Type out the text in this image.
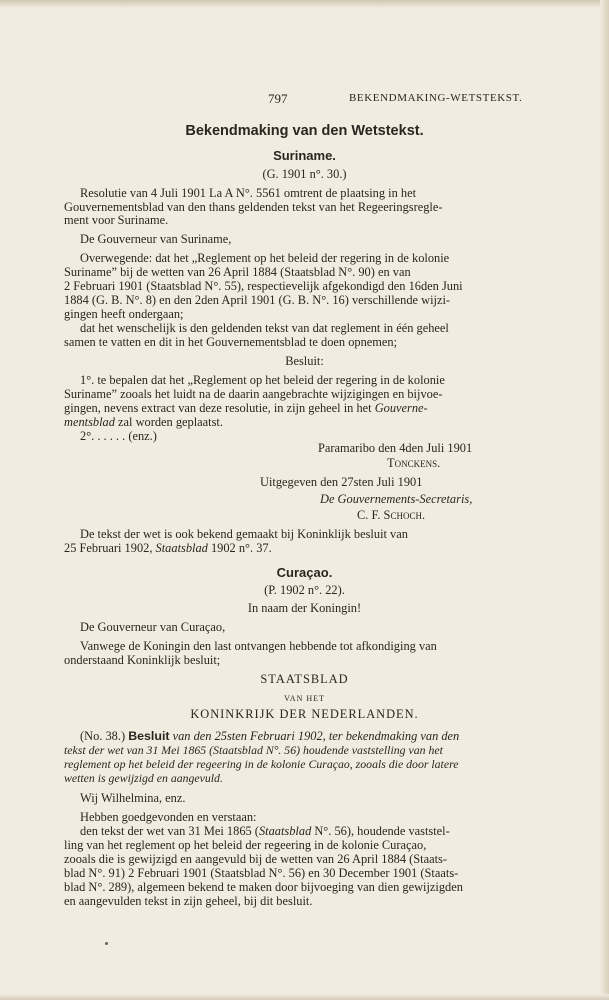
797	BEKENDMAKING-WETSTEKST.
Bekendmaking van den Wetstekst.
Suriname.
(G. 1901 n°. 30.)
Resolutie van 4 Juli 1901 La A N°. 5561 omtrent de plaatsing in het
Gouvernementsblad van den thans geldenden tekst van het Regeeringsregle-
ment voor Suriname.
De Gouverneur van Suriname,
Overwegende: dat het „Reglement op het beleid der regering in de kolonie
Suriname” bij de wetten van 26 April 1884 (Staatsblad N°. 90) en van
2 Februari 1901 (Staatsblad N°. 55), respectievelijk afgekondigd den 16den Juni
1884 (G. B. N°. 8) en den 2den April 1901 (G. B. N°. 16) verschillende wijzi-
gingen heeft ondergaan;
dat het wenschelijk is den geldenden tekst van dat reglement in één geheel
samen te vatten en dit in het Gouvernementsblad te doen opnemen;
Besluit:
1°. te bepalen dat het „Reglement op het beleid der regering in de kolonie
Suriname” zooals het luidt na de daarin aangebrachte wijzigingen en bijvoe-
gingen, nevens extract van deze resolutie, in zijn geheel in het Gouverne-
mentsblad zal worden geplaatst.
2°. . . . . . (enz.)
Paramaribo den 4den Juli 1901
Tonckens.
Uitgegeven den 27sten Juli 1901
De Gouvernements-Secretaris,
C. F. Schoch.
De tekst der wet is ook bekend gemaakt bij Koninklijk besluit van
25 Februari 1902, Staatsblad 1902 n°. 37.
Curaçao.
(P. 1902 n°. 22).
In naam der Koningin!
De Gouverneur van Curaçao,
Vanwege de Koningin den last ontvangen hebbende tot afkondiging van
onderstaand Koninklijk besluit;
STAATSBLAD
VAN HET
KONINKRIJK DER NEDERLANDEN.
(No. 38.) Besluit van den 25sten Februari 1902, ter bekendmaking van den
tekst der wet van 31 Mei 1865 (Staatsblad N°. 56) houdende vaststelling van het
reglement op het beleid der regeering in de kolonie Curaçao, zooals die door latere
wetten is gewijzigd en aangevuld.
Wij Wilhelmina, enz.
Hebben goedgevonden en verstaan:
den tekst der wet van 31 Mei 1865 (Staatsblad N°. 56), houdende vaststel-
ling van het reglement op het beleid der regeering in de kolonie Curaçao,
zooals die is gewijzigd en aangevuld bij de wetten van 26 April 1884 (Staats-
blad N°. 91) 2 Februari 1901 (Staatsblad N°. 56) en 30 December 1901 (Staats-
blad N°. 289), algemeen bekend te maken door bijvoeging van dien gewijzigden
en aangevulden tekst in zijn geheel, bij dit besluit.
